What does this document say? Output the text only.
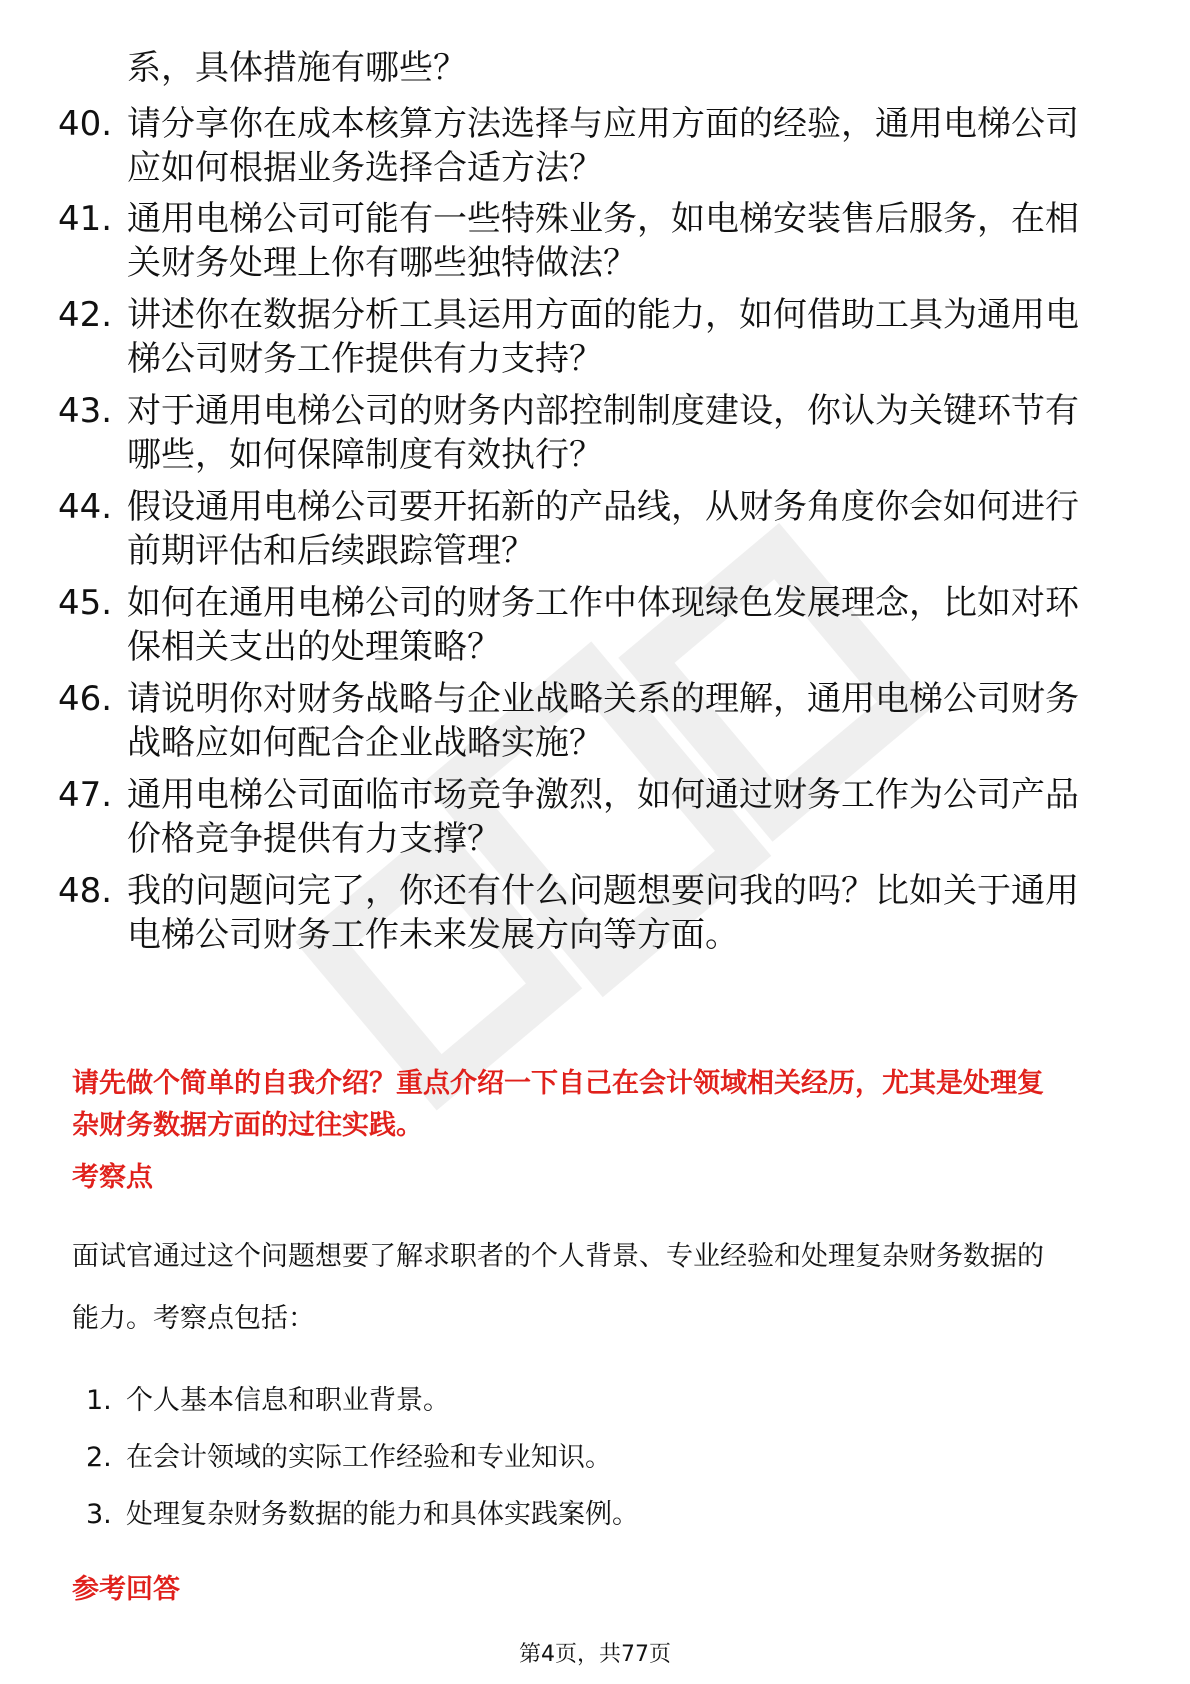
系，具体措施有哪些？
40. 请分享你在成本核算方法选择与应用方面的经验，通用电梯公司
应如何根据业务选择合适方法？
41. 通用电梯公司可能有一些特殊业务，如电梯安装售后服务，在相
关财务处理上你有哪些独特做法？
42. 讲述你在数据分析工具运用方面的能力，如何借助工具为通用电
梯公司财务工作提供有力支持？
43. 对于通用电梯公司的财务内部控制制度建设，你认为关键环节有
哪些，如何保障制度有效执行？
44. 假设通用电梯公司要开拓新的产品线，从财务角度你会如何进行
前期评估和后续跟踪管理？
45. 如何在通用电梯公司的财务工作中体现绿色发展理念，比如对环
保相关支出的处理策略？
46. 请说明你对财务战略与企业战略关系的理解，通用电梯公司财务
战略应如何配合企业战略实施？
47. 通用电梯公司面临市场竞争激烈，如何通过财务工作为公司产品
价格竞争提供有力支撑？
48. 我的问题问完了，你还有什么问题想要问我的吗？比如关于通用
电梯公司财务工作未来发展方向等方面。
请先做个简单的自我介绍？重点介绍一下自己在会计领域相关经历，尤其是处理复
杂财务数据方面的过往实践。
考察点
面试官通过这个问题想要了解求职者的个人背景、专业经验和处理复杂财务数据的
能力。考察点包括：
1. 个人基本信息和职业背景。
2. 在会计领域的实际工作经验和专业知识。
3. 处理复杂财务数据的能力和具体实践案例。
参考回答
第4页，共77页
